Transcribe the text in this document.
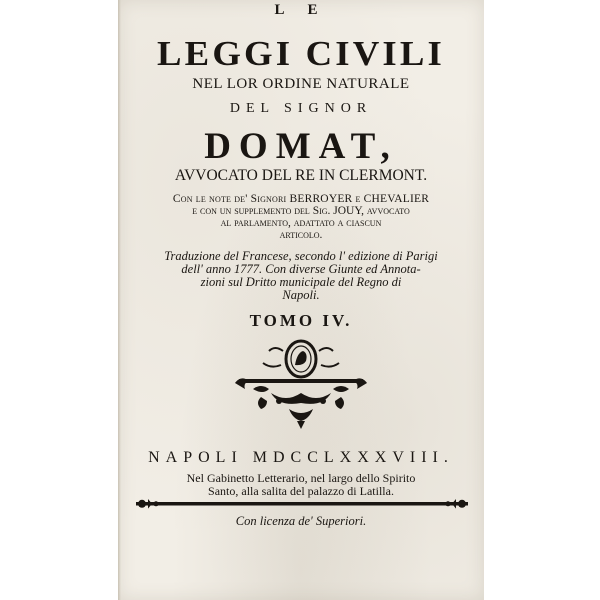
L E
LEGGI CIVILI
NEL LOR ORDINE NATURALE
DEL SIGNOR
DOMAT,
AVVOCATO DEL RE IN CLERMONT.
Con le note de' Signori BERROYER e CHEVALIER
e con un supplemento del Sig. JOUY, avvocato
al parlamento, adattato a ciascun
articolo.
Traduzione del Francese, secondo l' edizione di Parigi
dell' anno 1777. Con diverse Giunte ed Annota-
zioni sul Dritto municipale del Regno di
Napoli.
TOMO IV.
NAPOLI MDCCLXXXVIII.
Nel Gabinetto Letterario, nel largo dello Spirito
Santo, alla salita del palazzo di Latilla.
Con licenza de' Superiori.
